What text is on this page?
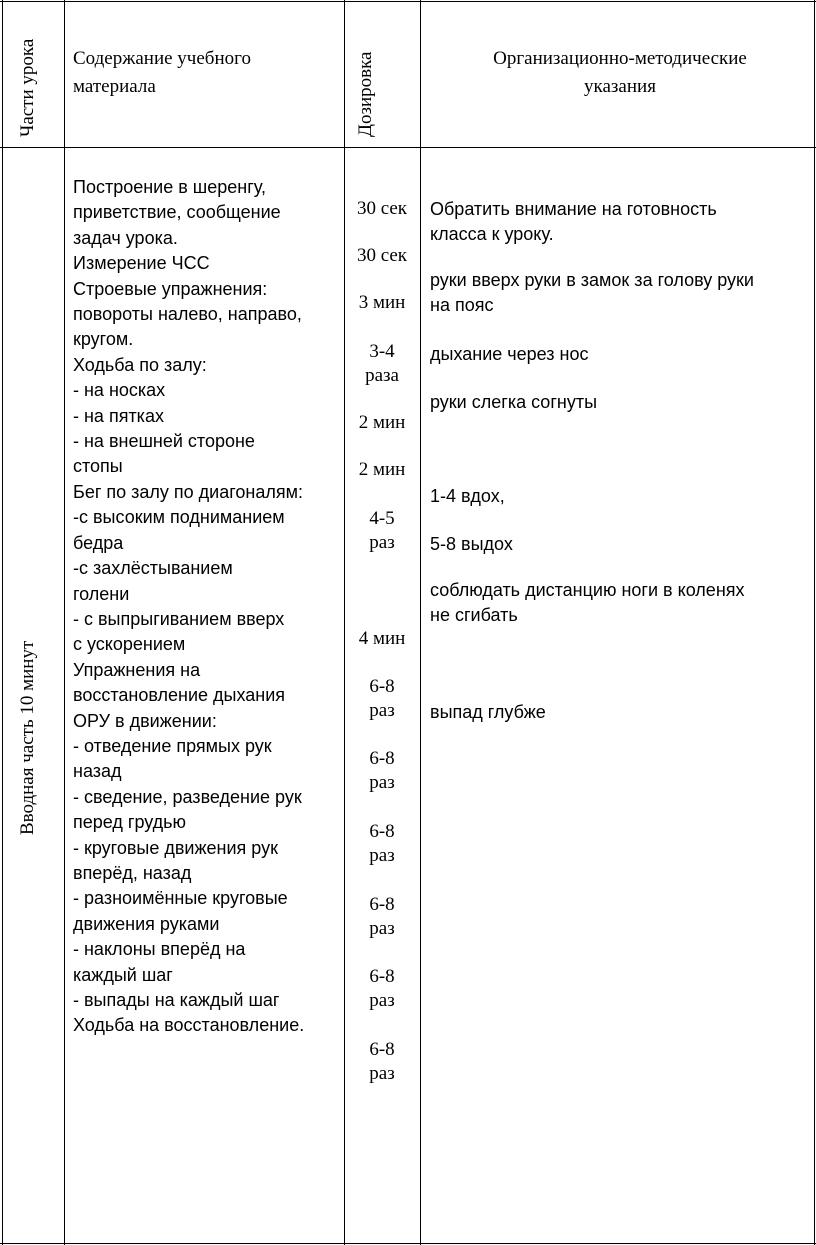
Части урока Содержание учебного
материала	Дозировка	Организационно-методические
указания
Вводная часть 10 минут
Построение в шеренгу,
приветствие, сообщение
задач урока.
Измерение ЧСС
Строевые упражнения:
повороты налево, направо,
кругом.
Ходьба по залу:
- на носках
- на пятках
- на внешней стороне
стопы
Бег по залу по диагоналям:
-с высоким подниманием
бедра
-с захлёстыванием
голени
- с выпрыгиванием вверх
с ускорением
Упражнения на
восстановление дыхания
ОРУ в движении:
- отведение прямых рук
назад
- сведение, разведение рук
перед грудью
- круговые движения рук
вперёд, назад
- разноимённые круговые
движения руками
- наклоны вперёд на
каждый шаг
- выпады на каждый шаг
Ходьба на восстановление.
30 сек
30 сек
3 мин
3-4
раза
2 мин
2 мин
4-5
раз
4 мин
6-8
раз
6-8
раз
6-8
раз
6-8
раз
6-8
раз
6-8
раз
Обратить внимание на готовность
класса к уроку.
руки вверх руки в замок за голову руки
на пояс
дыхание через нос
руки слегка согнуты
1-4 вдох,
5-8 выдох
соблюдать дистанцию ноги в коленях
не сгибать
выпад глубже
